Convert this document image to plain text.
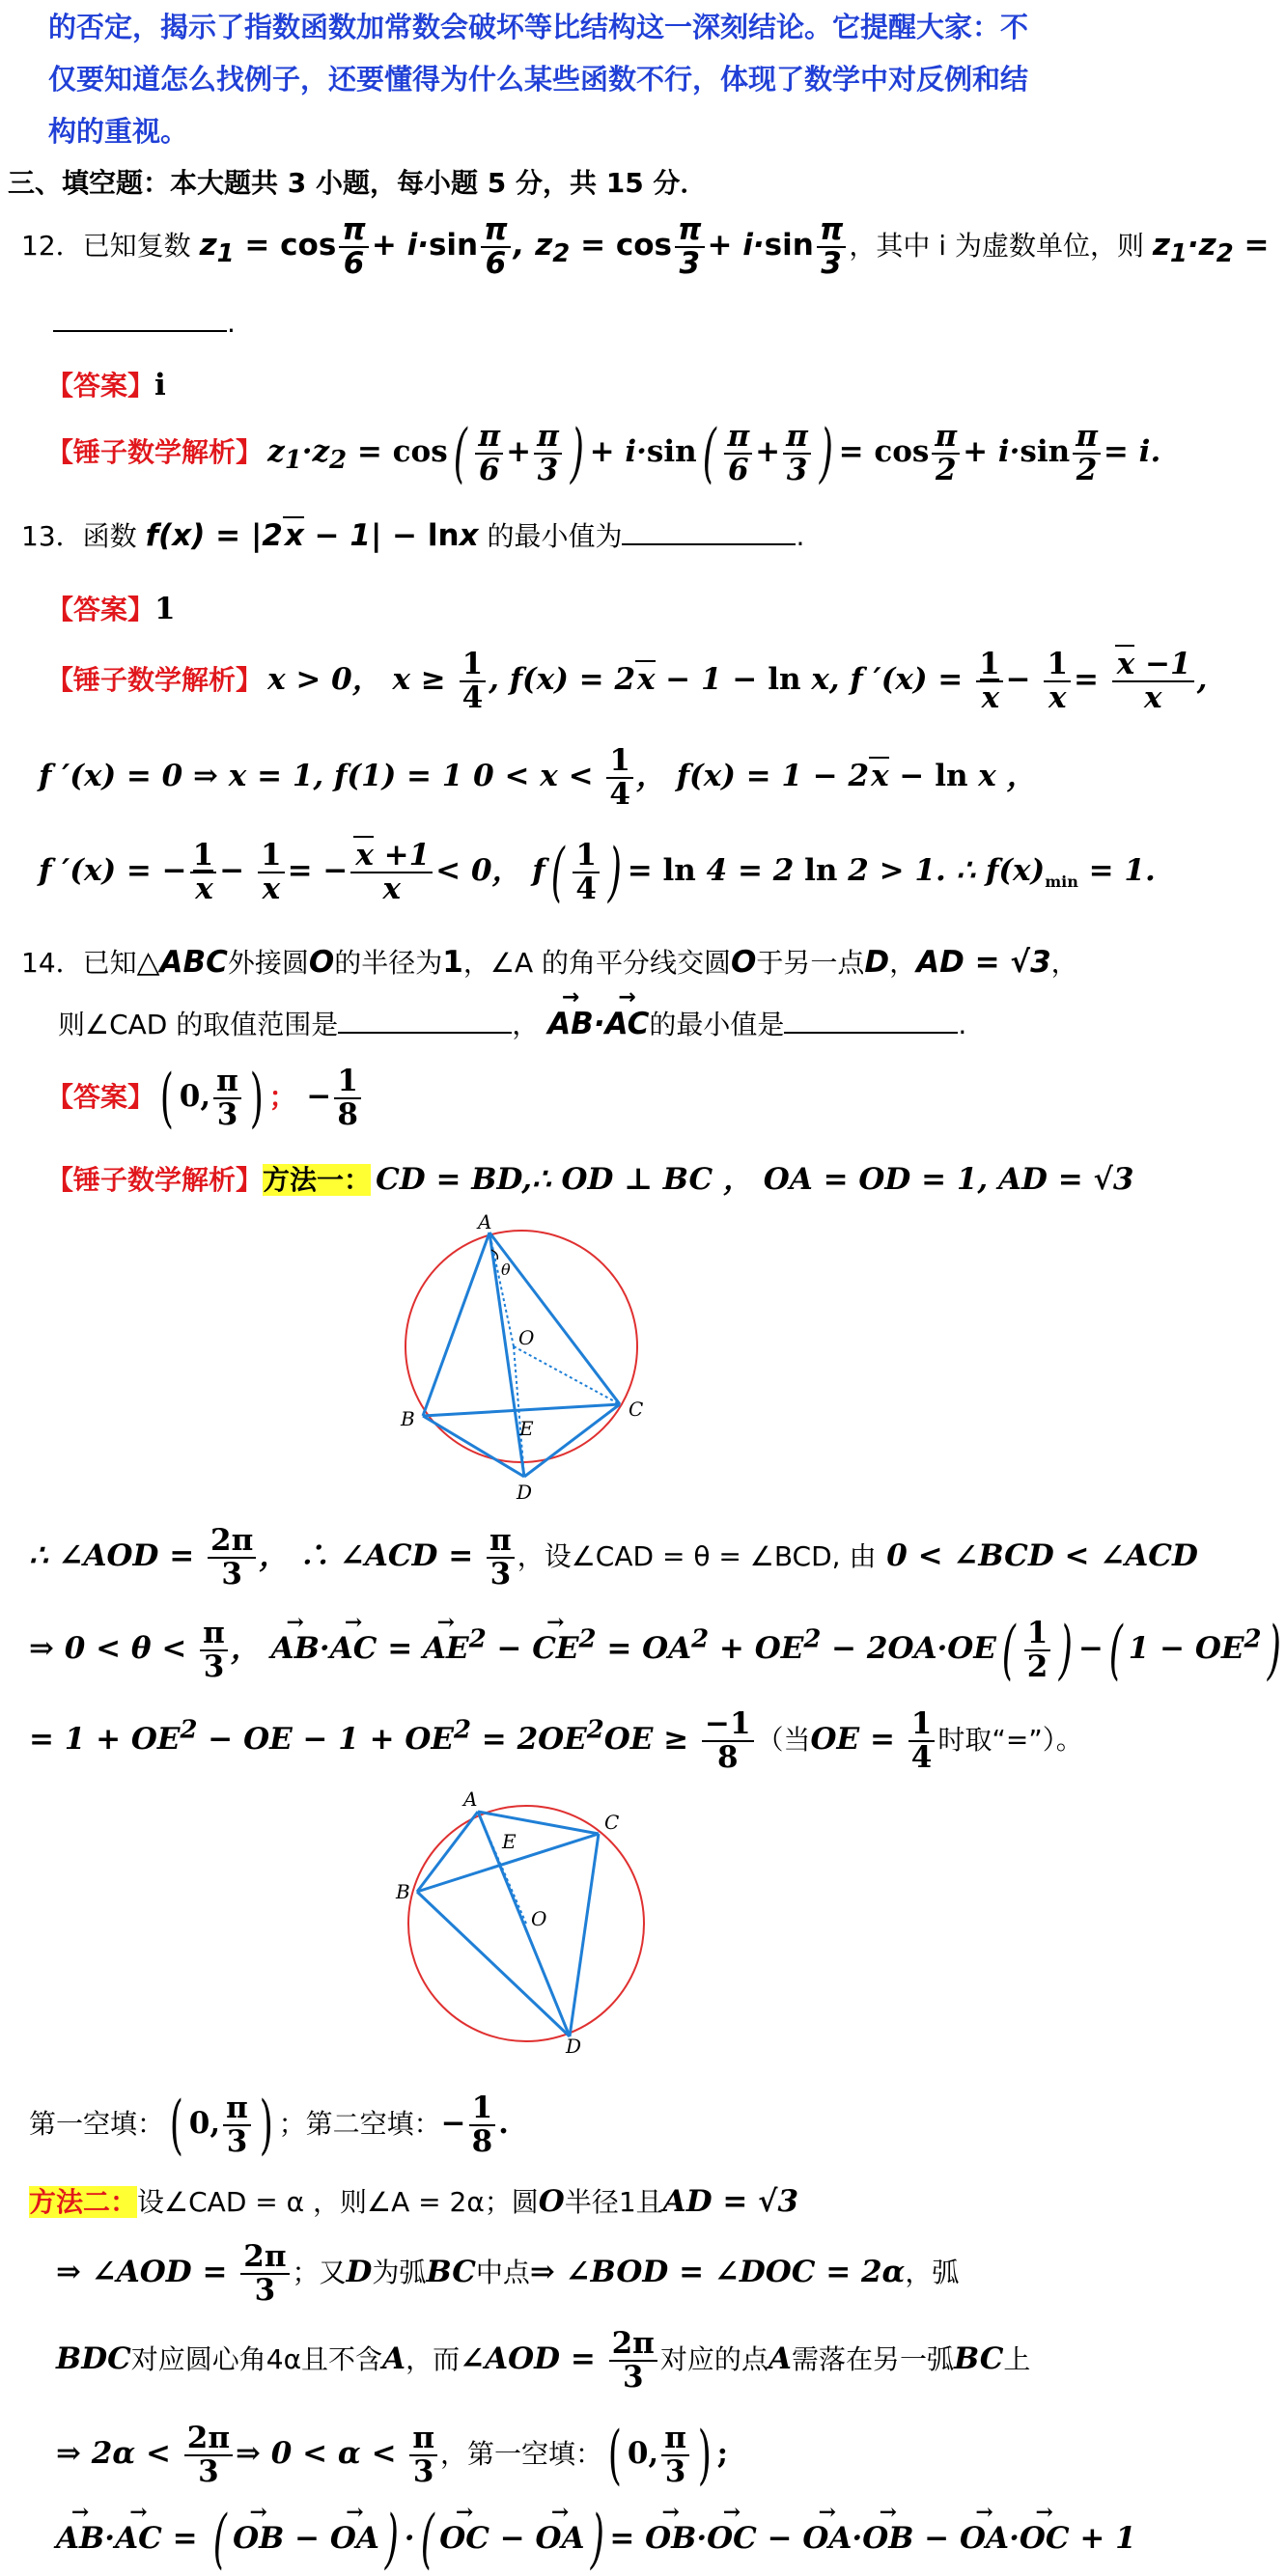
的否定，揭示了指数函数加常数会破坏等比结构这一深刻结论。它提醒大家：不
仅要知道怎么找例子，还要懂得为什么某些函数不行，体现了数学中对反例和结
构的重视。
三、填空题：本大题共 3 小题，每小题 5 分，共 15 分．
12．已知复数 $z_1 = \cos \frac{\pi}{6} + i\cdot\sin \frac{\pi}{6}$ , $z_2 = \cos \frac{\pi}{3} + i\cdot\sin \frac{\pi}{3}$ ，其中 i 为虚数单位，则 $z_1\cdot z_2$ =
.
【答案】i
【锤子数学解析】 $z_1\cdot z_2 = \cos( \frac{\pi}{6} + \frac{\pi}{3}$ ) + $i\cdot\sin( \frac{\pi}{6} + \frac{\pi}{3}$ ) = $\cos \frac{\pi}{2} + i\cdot\sin \frac{\pi}{2} = i$.
13．函数 f(x) = |2x − 1| − lnx 的最小值为	.
【答案】1
【锤子数学解析】 x > 0， $x \ge \frac{1}{4}$ , f(x) = 2x − 1 − ln x, f $'(x) = \frac{1}{x} - \frac{1}{x} = \frac{x -1}{x}$ ,
f ′(x) = 0 ⇒ x = 1, f(1) = 1 $0 < x < \frac{1}{4}$ ， f(x) = 1 − 2x − ln x ，
f ′(x) = − $\frac{1}{x} - \frac{1}{x}$ = − $\frac{x +1}{x} < 0$， $f( \frac{1}{4}$ ) = ln 4 = 2 ln 2 > 1. ∴ $f(x)_{min} = 1$.
14．已知△ABC外接圆O的半径为1，∠A 的角平分线交圆O于另一点D，AD = √3，
则∠CAD 的取值范围是	， → AB·→ AC的最小值是	.
【答案】( 0, $\frac{\pi}{3}$ ) ； − $\frac{1}{8}$
【锤子数学解析】方法一： CD = BD,∴ OD ⊥ BC ， OA = OD = 1, AD = √3
A
B	C
D
E
O
θ
∴ ∠AOD = $\frac{2\pi}{3}$ ， ∴ ∠ACD = $\frac{\pi}{3}$ ，设∠CAD = θ = ∠BCD, 由 0 < ∠BCD < ∠ACD
⇒ $0 < \theta < \frac{\pi}{3}$ ， → AB·→ AC = → $AE^2$ − → $CE^2 = OA^2 + OE^2 - 2OA\cdot OE( \frac{1}{2}$ ) −( $1 - OE^2$)
= $1 + OE^2$ − OE − $1 + OE^2 = 2OE^2OE \ge \frac{-1}{8}$ （当OE = $\frac{1}{4}$ 时取“=”）。
A
B
C
D
E
O
第一空填：( 0, $\frac{\pi}{3}$ ) ；第二空填：− $\frac{1}{8}$ .
方法二：设∠CAD = α ，则∠A = 2α；圆O半径1且AD = √3
⇒ ∠AOD = $\frac{2\pi}{3}$ ；又D为弧BC中点⇒ ∠BOD = ∠DOC = 2α，弧
BDC对应圆心角4α且不含A，而∠AOD = $\frac{2\pi}{3}$ 对应的点A需落在另一弧BC上
⇒ $2\alpha < \frac{2\pi}{3}$ ⇒ $0 < \alpha < \frac{\pi}{3}$ ，第一空填：( 0, $\frac{\pi}{3}$ ) ;
→ AB·→ AC = ( → OB − → OA) ·( → OC − → OA) = → OB·→ OC − → OA·→ OB − → OA·→ OC + 1
